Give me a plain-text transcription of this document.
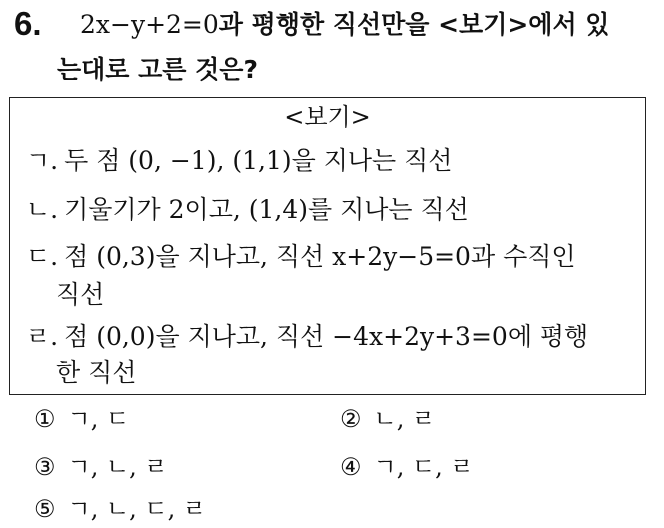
6. 2x−y+2=0과 평행한 직선만을 <보기>에서 있
는대로 고른 것은?
<보기>
ㄱ. 두 점 (0, −1), (1,1)을 지나는 직선
ㄴ. 기울기가 2이고, (1,4)를 지나는 직선
ㄷ. 점 (0,3)을 지나고, 직선 x+2y−5=0과 수직인
직선
ㄹ. 점 (0,0)을 지나고, 직선 −4x+2y+3=0에 평행
한 직선
① ㄱ, ㄷ	② ㄴ, ㄹ
③ ㄱ, ㄴ, ㄹ	④ ㄱ, ㄷ, ㄹ
⑤ ㄱ, ㄴ, ㄷ, ㄹ
